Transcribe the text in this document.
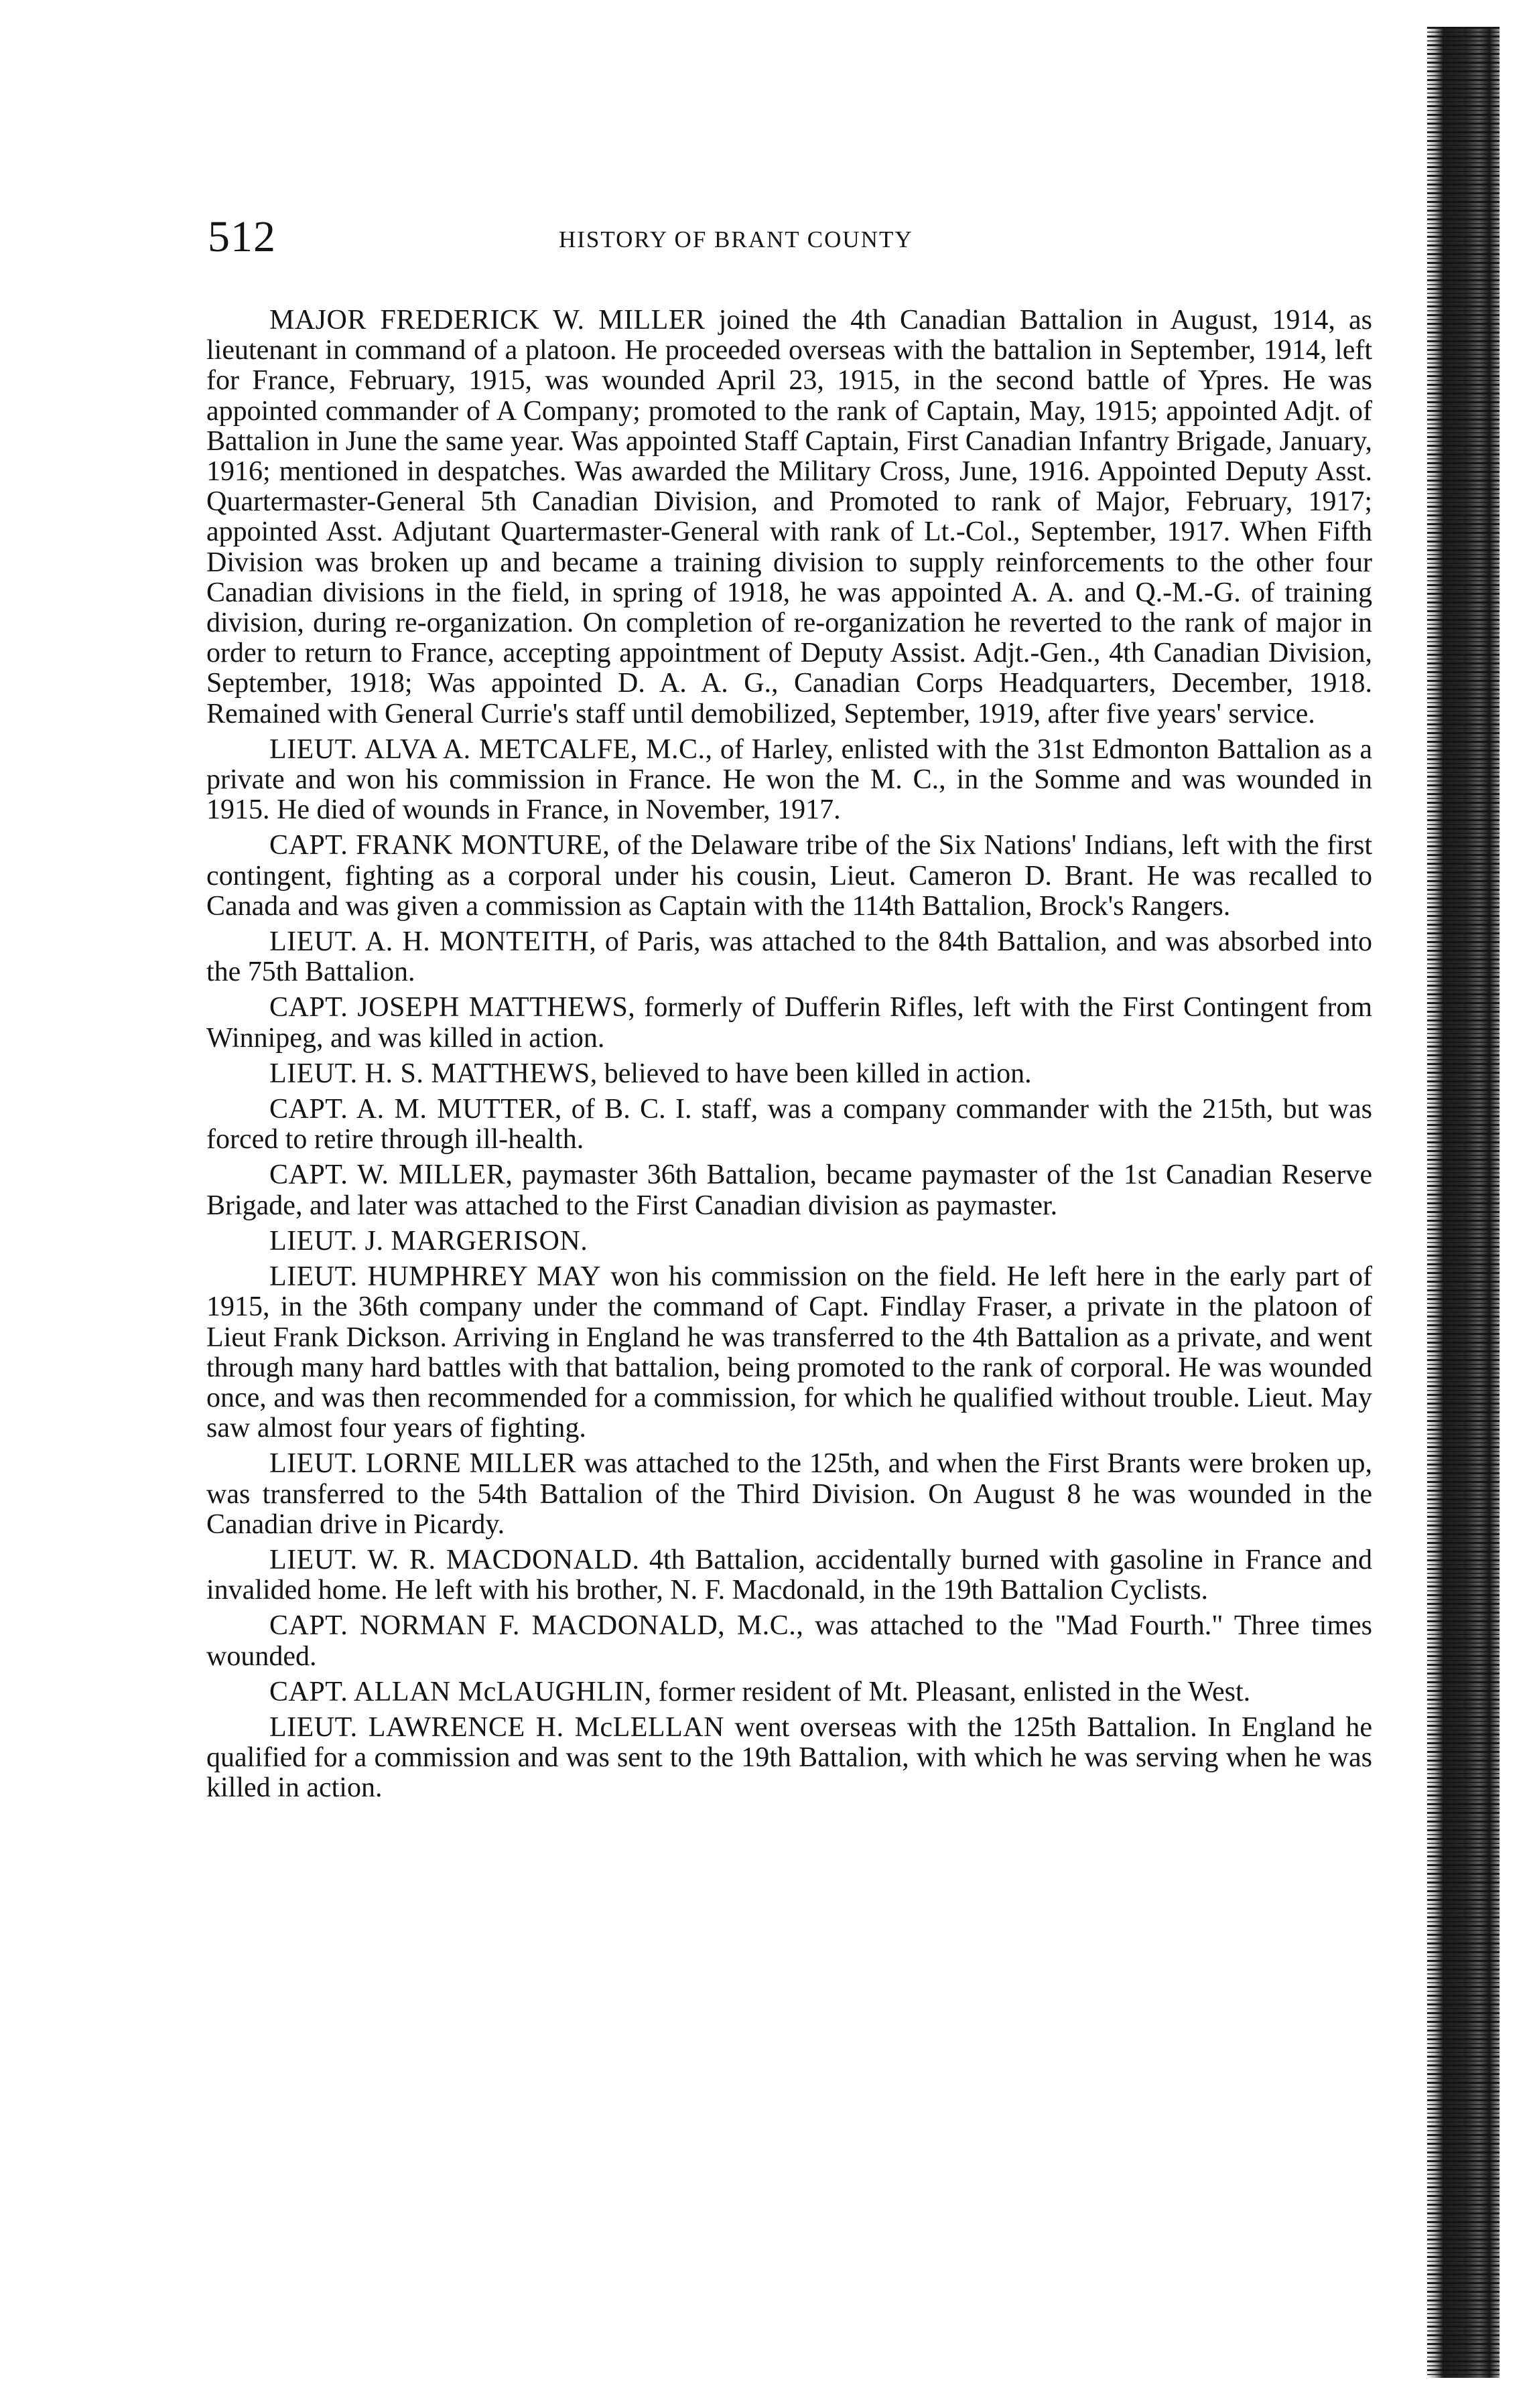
512	HISTORY OF BRANT COUNTY

MAJOR FREDERICK W. MILLER joined the 4th Canadian Battalion in August, 1914, as lieutenant in command of a platoon. He proceeded overseas with the battalion in September, 1914, left for France, February, 1915, was wounded April 23, 1915, in the second battle of Ypres. He was appointed commander of A Company; promoted to the rank of Captain, May, 1915; appointed Adjt. of Battalion in June the same year. Was appointed Staff Captain, First Canadian Infantry Brigade, January, 1916; mentioned in despatches. Was awarded the Military Cross, June, 1916. Appointed Deputy Asst. Quartermaster-General 5th Canadian Division, and Promoted to rank of Major, February, 1917; appointed Asst. Adjutant Quartermaster-General with rank of Lt.-Col., September, 1917. When Fifth Division was broken up and became a training division to supply reinforcements to the other four Canadian divisions in the field, in spring of 1918, he was appointed A. A. and Q.-M.-G. of training division, during re-organization. On completion of re-organization he reverted to the rank of major in order to return to France, accepting appointment of Deputy Assist. Adjt.-Gen., 4th Canadian Division, September, 1918; Was appointed D. A. A. G., Canadian Corps Headquarters, December, 1918. Remained with General Currie's staff until demobilized, September, 1919, after five years' service.

LIEUT. ALVA A. METCALFE, M.C., of Harley, enlisted with the 31st Edmonton Battalion as a private and won his commission in France. He won the M. C., in the Somme and was wounded in 1915. He died of wounds in France, in November, 1917.

CAPT. FRANK MONTURE, of the Delaware tribe of the Six Nations' Indians, left with the first contingent, fighting as a corporal under his cousin, Lieut. Cameron D. Brant. He was recalled to Canada and was given a commission as Captain with the 114th Battalion, Brock's Rangers.

LIEUT. A. H. MONTEITH, of Paris, was attached to the 84th Battalion, and was absorbed into the 75th Battalion.

CAPT. JOSEPH MATTHEWS, formerly of Dufferin Rifles, left with the First Contingent from Winnipeg, and was killed in action.

LIEUT. H. S. MATTHEWS, believed to have been killed in action.

CAPT. A. M. MUTTER, of B. C. I. staff, was a company commander with the 215th, but was forced to retire through ill-health.

CAPT. W. MILLER, paymaster 36th Battalion, became paymaster of the 1st Canadian Reserve Brigade, and later was attached to the First Canadian division as paymaster.

LIEUT. J. MARGERISON.

LIEUT. HUMPHREY MAY won his commission on the field. He left here in the early part of 1915, in the 36th company under the command of Capt. Findlay Fraser, a private in the platoon of Lieut Frank Dickson. Arriving in England he was transferred to the 4th Battalion as a private, and went through many hard battles with that battalion, being promoted to the rank of corporal. He was wounded once, and was then recommended for a commission, for which he qualified without trouble. Lieut. May saw almost four years of fighting.

LIEUT. LORNE MILLER was attached to the 125th, and when the First Brants were broken up, was transferred to the 54th Battalion of the Third Division. On August 8 he was wounded in the Canadian drive in Picardy.

LIEUT. W. R. MACDONALD. 4th Battalion, accidentally burned with gasoline in France and invalided home. He left with his brother, N. F. Macdonald, in the 19th Battalion Cyclists.

CAPT. NORMAN F. MACDONALD, M.C., was attached to the "Mad Fourth." Three times wounded.

CAPT. ALLAN McLAUGHLIN, former resident of Mt. Pleasant, enlisted in the West.

LIEUT. LAWRENCE H. McLELLAN went overseas with the 125th Battalion. In England he qualified for a commission and was sent to the 19th Battalion, with which he was serving when he was killed in action.
